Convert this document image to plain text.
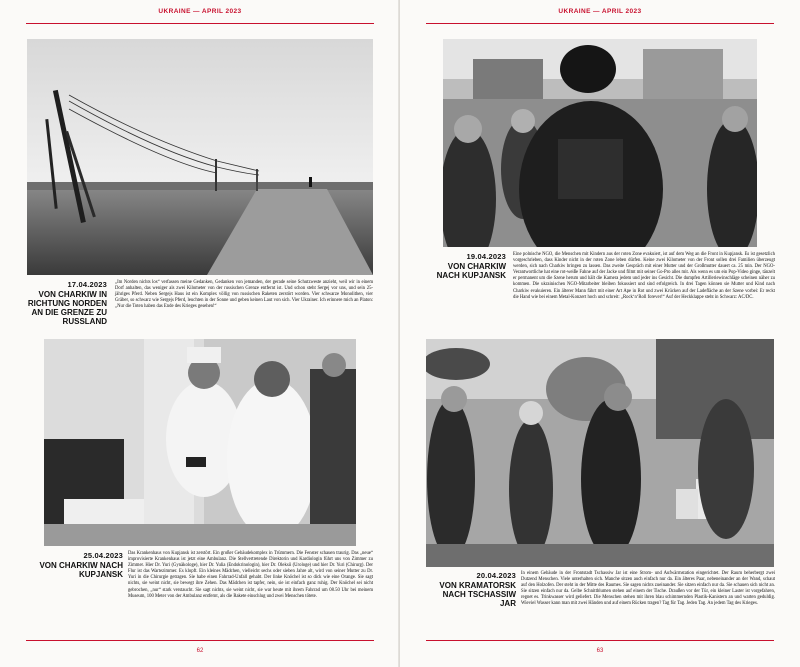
UKRAINE — APRIL 2023
17.04.2023
VON CHARKIW IN RICHTUNG NORDEN AN DIE GRENZE ZU RUSSLAND
„Im Norden nichts los“ verfassen meine Gedanken, Gedanken von jemanden, der gerade seine Schutzweste anzieht, weil wir in einem Dorf anhalten, das weniger als zwei Kilometer von der russischen Grenze entfernt ist. Und schon steht Sergej vor uns, und sein 25-jähriges Pferd. Neben Sergejs Haus ist ein Komplex völlig von russischen Raketen zerstört worden. Vier schwarze Monolithen, vier Gräber, so schwarz wie Sergejs Pferd, leuchten in der Sonne und geben keinen Laut von sich. Vier Ukrainer. Ich erinnere mich an Platon: „Nur die Toten haben das Ende des Krieges gesehen!“
25.04.2023
VON CHARKIW NACH KUPJANSK
Das Krankenhaus von Kupjansk ist zerstört. Ein großer Gebäudekomplex in Trümmern. Die Fenster schauen traurig. Das „neue“ improvisierte Krankenhaus ist jetzt eine Ambulanz. Die Stellvertretende Direktorin und Kardiologin führt uns von Zimmer zu Zimmer. Hier Dr. Yuri (Gynäkologe), hier Dr. Yulia (Endokrinologin), hier Dr. Oleksii (Urologe) und hier Dr. Yuri (Chirurg). Der Flur ist das Wartezimmer. Es klopft. Ein kleines Mädchen, vielleicht sechs oder sieben Jahre alt, wird von seiner Mutter zu Dr. Yuri in die Chirurgie getragen. Sie habe einen Fahrrad-Unfall gehabt. Der linke Knöchel ist so dick wie eine Orange. Sie sagt nichts, sie weint nicht, sie bewegt ihre Zehen. Das Mädchen ist tapfer, nein, sie ist einfach ganz ruhig. Der Knöchel sei nicht gebrochen, „nur“ stark verstaucht. Sie sagt nichts, sie weint nicht, sie war heute mit ihrem Fahrrad um 08.50 Uhr bei meinem Museum, 100 Meter von der Ambulanz entfernt, als die Rakete einschlug und zwei Menschen tötete.
62
UKRAINE — APRIL 2023
19.04.2023
VON CHARKIW NACH KUPJANSK
Eine polnische NGO, die Menschen mit Kindern aus der roten Zone evakuiert, ist auf dem Weg an die Front in Kupjansk. Es ist gesetzlich vorgeschrieben, dass Kinder nicht in der roten Zone leben dürfen. Keine zwei Kilometer von der Front sollen drei Familien überzeugt werden, sich nach Charkiw bringen zu lassen. Das zweite Gespräch mit einer Mutter und der Großmutter dauert ca. 25 min. Der NGO-Verantwortliche hat eine rot-weiße Fahne auf der Jacke und filmt mit seiner Go-Pro alles mit. Als wenn es um ein Pop-Video ginge, tänzelt er permanent um die Szene herum und hält die Kamera jedem und jeder ins Gesicht. Die dumpfen Artilleriewinschläge scheinen näher zu kommen. Die ukrainischen NGO-Mitarbeiter bleiben fokussiert und sind erfolgreich. In drei Tagen können sie Mutter und Kind nach Charkiw evakuieren. Ein älterer Mann fährt mit einer Art Ape in Rot und zwei Krücken auf der Ladefläche an der Szene vorbei: Er reckt die Hand wie bei einem Metal-Konzert hoch und schreit: „Rock‘n‘Roll forever!“ Auf der Heckklappe steht in Schwarz: AC/DC.
20.04.2023
VON KRAMATORSK NACH TSCHASSIW JAR
In einem Gebäude in der Frontstadt Tschassiw Jar ist eine Strom- und Aufwärmstation eingerichtet. Der Raum beherbergt zwei Dutzend Menschen. Viele unterhalten sich. Manche sitzen auch einfach nur da. Ein älteres Paar, nebeneinander an der Wand, schaut auf den Holzofen. Der steht in der Mitte des Raumes. Sie sagen nichts zueinander. Sie sitzen einfach nur da. Sie schauen sich nicht an. Sie sitzen einfach nur da. Gelbe Schnittblumen stehen auf einem der Tische. Draußen vor der Tür, ein kleiner Laster ist vorgefahren, regnet es. Trinkwasser wird geliefert. Die Menschen stehen mit ihren blau schimmernden Plastik-Kanistern an und warten geduldig. Wieviel Wasser kann man mit zwei Händen und auf einem Rücken tragen? Tag für Tag. Jeden Tag. An jedem Tag des Krieges.
63
